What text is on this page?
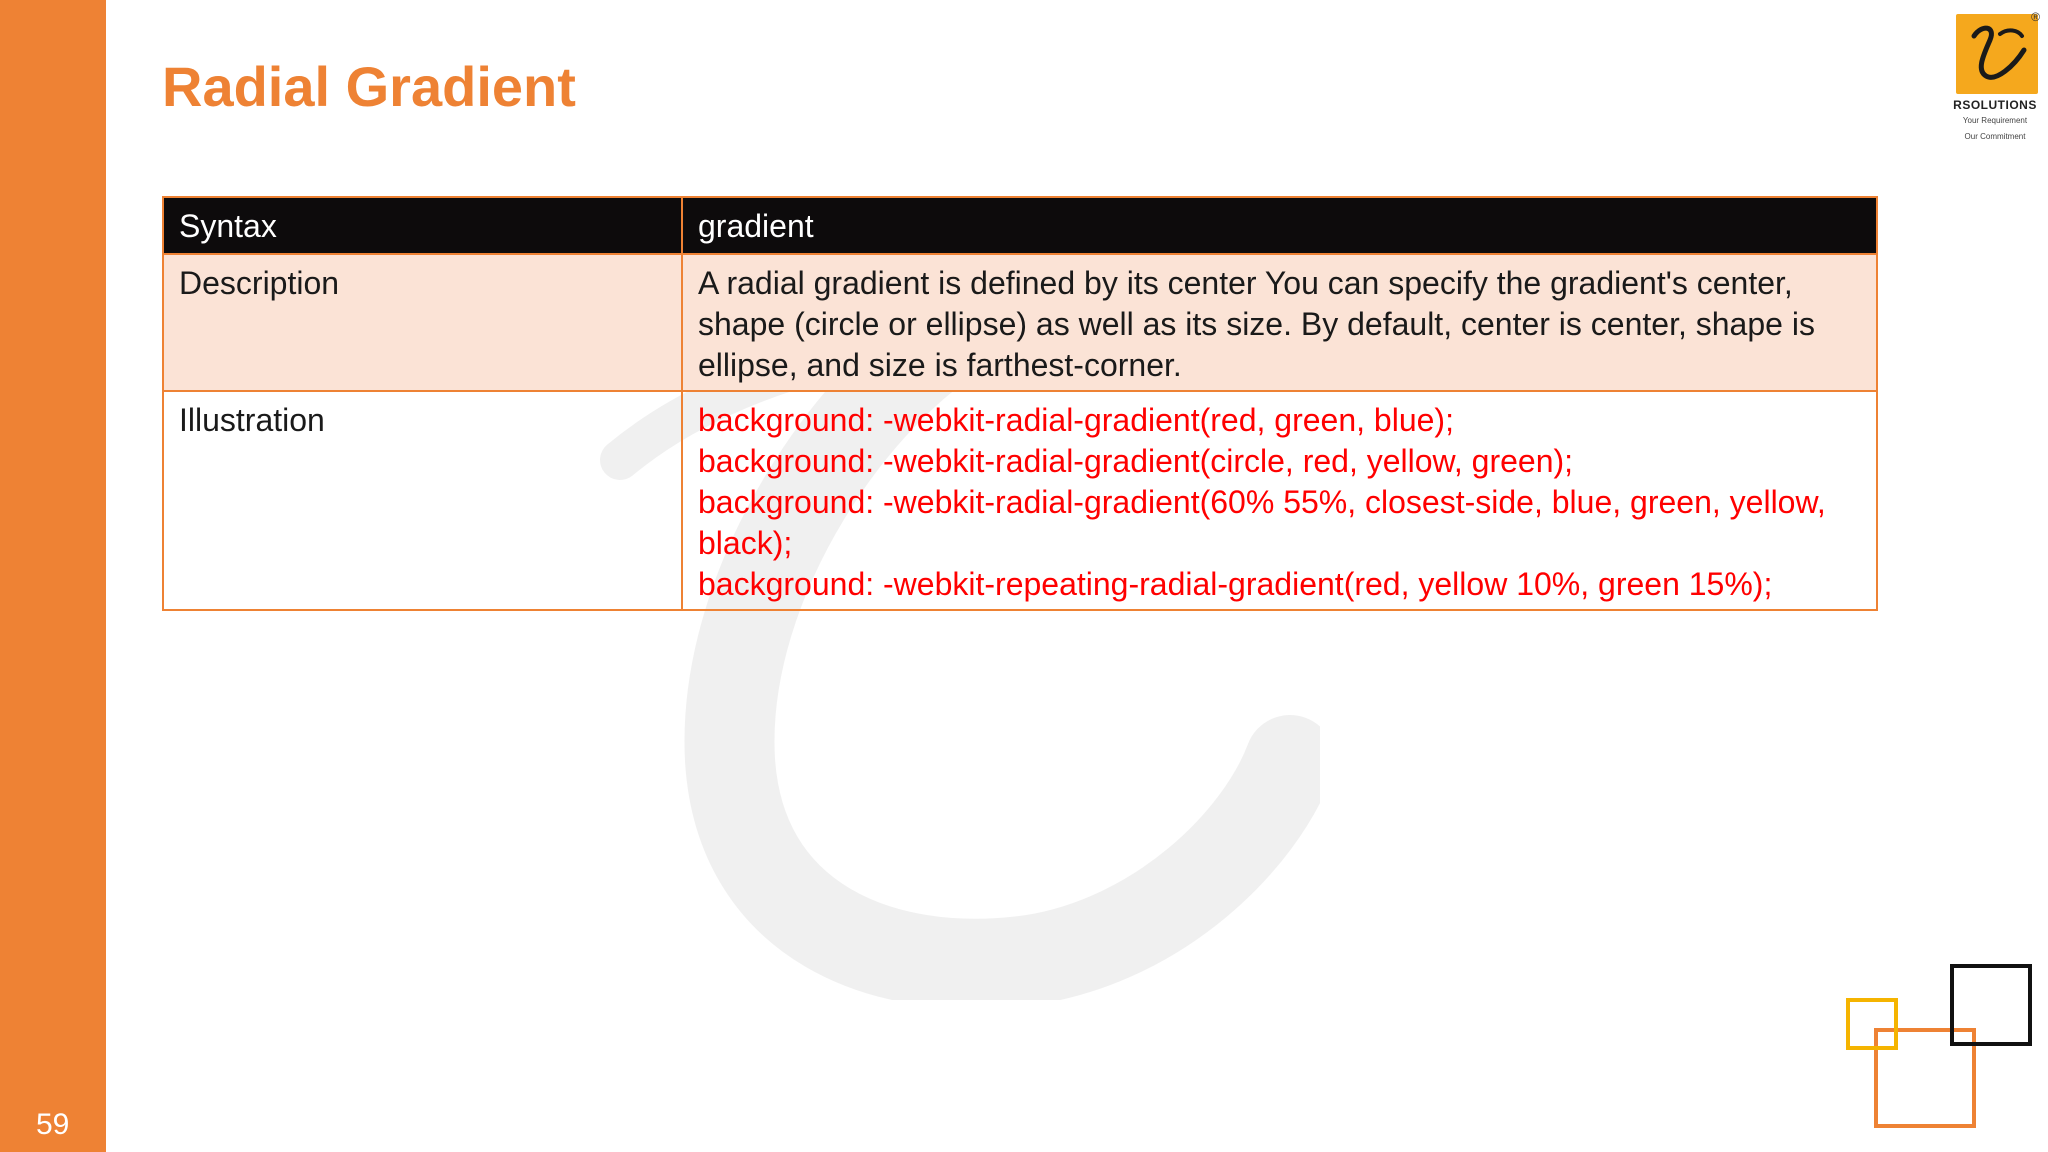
59
Radial Gradient
®
RSOLUTIONS
Your Requirement
Our Commitment
Syntax	gradient
Description	A radial gradient is defined by its center You can specify the gradient's center, shape (circle or ellipse) as well as its size. By default, center is center, shape is ellipse, and size is farthest-corner.
Illustration	background: -webkit-radial-gradient(red, green, blue);
background: -webkit-radial-gradient(circle, red, yellow, green);
background: -webkit-radial-gradient(60% 55%, closest-side, blue, green, yellow, black);
background: -webkit-repeating-radial-gradient(red, yellow 10%, green 15%);
